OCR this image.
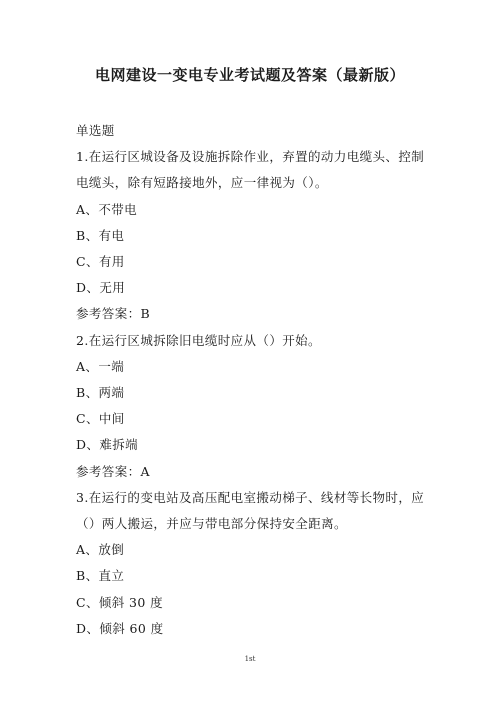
电网建设一变电专业考试题及答案（最新版）
单选题
1.在运行区城设备及设施拆除作业，弃置的动力电缆头、控制
电缆头，除有短路接地外，应一律视为（）。
A、不带电
B、有电
C、有用
D、无用
参考答案：B
2.在运行区城拆除旧电缆时应从（）开始。
A、一端
B、两端
C、中间
D、难拆端
参考答案：A
3.在运行的变电站及高压配电室搬动梯子、线材等长物时，应
（）两人搬运，并应与带电部分保持安全距离。
A、放倒
B、直立
C、倾斜 30 度
D、倾斜 60 度
1st
